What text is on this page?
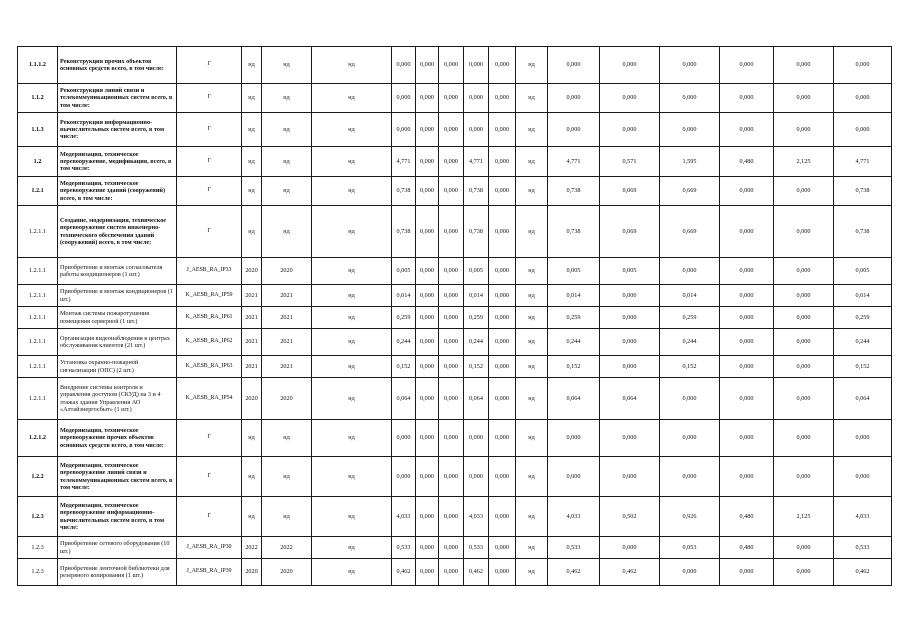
1.1.1.2	Реконструкция прочих объектов основных средств всего, в том числе:	Г	нд	нд	нд	0,000	0,000	0,000	0,000	0,000	нд	0,000	0,000	0,000	0,000	0,000	0,000
1.1.2	Реконструкция линий связи и телекоммуникационных систем всего, в том числе:	Г	нд	нд	нд	0,000	0,000	0,000	0,000	0,000	нд	0,000	0,000	0,000	0,000	0,000	0,000
1.1.3	Реконструкция информационно-вычислительных систем всего, в том числе:	Г	нд	нд	нд	0,000	0,000	0,000	0,000	0,000	нд	0,000	0,000	0,000	0,000	0,000	0,000
1.2	Модернизация, техническое перевооружение, модификация, всего, в том числе:	Г	нд	нд	нд	4,771	0,000	0,000	4,771	0,000	нд	4,771	0,571	1,595	0,480	2,125	4,771
1.2.1	Модернизация, техническое перевооружение зданий (сооружений) всего, в том числе:	Г	нд	нд	нд	0,738	0,000	0,000	0,738	0,000	нд	0,738	0,069	0,669	0,000	0,000	0,738
1.2.1.1	Создание, модернизация, техническое перевооружение систем инженерно-технического обеспечения зданий (сооружений) всего, в том числе:	Г	нд	нд	нд	0,738	0,000	0,000	0,738	0,000	нд	0,738	0,069	0,669	0,000	0,000	0,738
1.2.1.1	Приобретение и монтаж согласователя работы кондиционеров (1 шт.)	J_AESB_RA_IP33	2020	2020	нд	0,005	0,000	0,000	0,005	0,000	нд	0,005	0,005	0,000	0,000	0,000	0,005
1.2.1.1	Приобретение и монтаж кондиционеров (1 шт.)	K_AESB_RA_IP59	2021	2021	нд	0,014	0,000	0,000	0,014	0,000	нд	0,014	0,000	0,014	0,000	0,000	0,014
1.2.1.1	Монтаж системы пожаротушения помещения серверной (1 шт.)	K_AESB_RA_IP61	2021	2021	нд	0,259	0,000	0,000	0,259	0,000	нд	0,259	0,000	0,259	0,000	0,000	0,259
1.2.1.1	Организация видеонаблюдения в центрах обслуживания клиентов (21 шт.)	K_AESB_RA_IP62	2021	2021	нд	0,244	0,000	0,000	0,244	0,000	нд	0,244	0,000	0,244	0,000	0,000	0,244
1.2.1.1	Установка охранно-пожарной сигнализации (ОПС) (2 шт.)	K_AESB_RA_IP63	2021	2021	нд	0,152	0,000	0,000	0,152	0,000	нд	0,152	0,000	0,152	0,000	0,000	0,152
1.2.1.1	Внедрение системы контроля и управления доступом (СКУД) на 3 и 4 этажах здания Управления АО «Алтайэнергосбыт» (1 шт.)	K_AESB_RA_IP54	2020	2020	нд	0,064	0,000	0,000	0,064	0,000	нд	0,064	0,064	0,000	0,000	0,000	0,064
1.2.1.2	Модернизация, техническое перевооружение прочих объектов основных средств всего, в том числе:	Г	нд	нд	нд	0,000	0,000	0,000	0,000	0,000	нд	0,000	0,000	0,000	0,000	0,000	0,000
1.2.2	Модернизация, техническое перевооружение линий связи и телекоммуникационных систем всего, в том числе:	Г	нд	нд	нд	0,000	0,000	0,000	0,000	0,000	нд	0,000	0,000	0,000	0,000	0,000	0,000
1.2.3	Модернизация, техническое перевооружение информационно-вычислительных систем всего, в том числе:	Г	нд	нд	нд	4,033	0,000	0,000	4,033	0,000	нд	4,033	0,502	0,926	0,480	2,125	4,033
1.2.3	Приобретение сетевого оборудования (10 шт.)	J_AESB_RA_IP30	2022	2022	нд	0,533	0,000	0,000	0,533	0,000	нд	0,533	0,000	0,053	0,480	0,000	0,533
1.2.3	Приобретение ленточной библиотеки для резервного копирования (1 шт.)	J_AESB_RA_IP39	2020	2020	нд	0,462	0,000	0,000	0,462	0,000	нд	0,462	0,462	0,000	0,000	0,000	0,462
